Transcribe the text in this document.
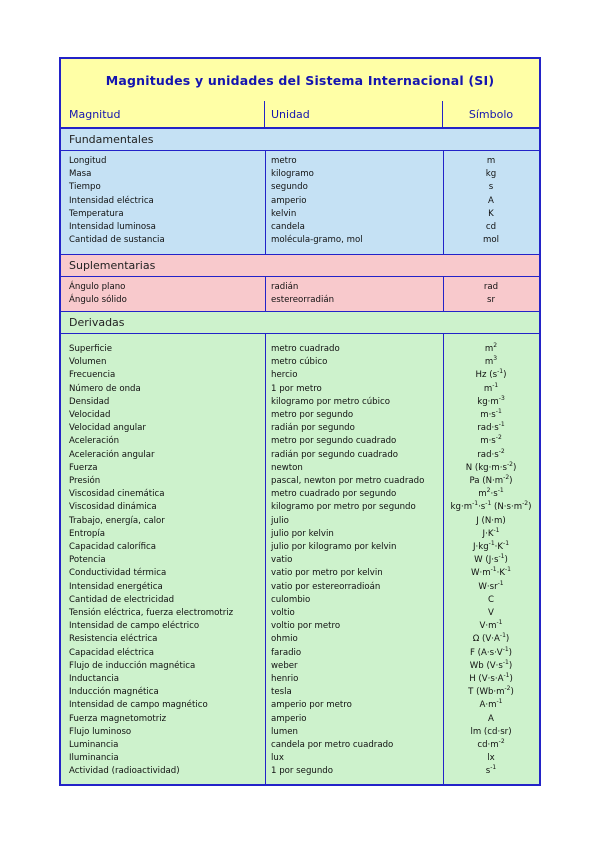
Magnitudes y unidades del Sistema Internacional (SI)
Magnitud	Unidad	Símbolo
Fundamentales
Longitud	metro	m
Masa	kilogramo	kg
Tiempo	segundo	s
Intensidad eléctrica	amperio	A
Temperatura	kelvin	K
Intensidad luminosa	candela	cd
Cantidad de sustancia	molécula-gramo, mol	mol
Suplementarias
Ángulo plano	radián	rad
Ángulo sólido	estereorradián	sr
Derivadas
Superficie	metro cuadrado	$m^2$
Volumen	metro cúbico	$m^3$
Frecuencia	hercio	Hz $(s^{-1})$
Número de onda	1 por metro	$m^{-1}$
Densidad	kilogramo por metro cúbico	$kg\cdot m^{-3}$
Velocidad	metro por segundo	$m\cdot s^{-1}$
Velocidad angular	radián por segundo	$rad\cdot s^{-1}$
Aceleración	metro por segundo cuadrado	$m\cdot s^{-2}$
Aceleración angular	radián por segundo cuadrado	$rad\cdot s^{-2}$
Fuerza	newton	N $(kg\cdot m\cdot s^{-2})$
Presión	pascal, newton por metro cuadrado	Pa $(N\cdot m^{-2})$
Viscosidad cinemática	metro cuadrado por segundo	$m^2\cdot s^{-1}$
Viscosidad dinámica	kilogramo por metro por segundo	$kg\cdot m^{-1}\cdot s^{-1}$ $(N\cdot s\cdot m^{-2})$
Trabajo, energía, calor	julio	J (N·m)
Entropía	julio por kelvin	$J\cdot K^{-1}$
Capacidad calorífica	julio por kilogramo por kelvin	$J\cdot kg^{-1}\cdot K^{-1}$
Potencia	vatio	W $(J\cdot s^{-1})$
Conductividad térmica	vatio por metro por kelvin	$W\cdot m^{-1}\cdot K^{-1}$
Intensidad energética	vatio por estereorradioán	$W\cdot sr^{-1}$
Cantidad de electricidad	culombio	C
Tensión eléctrica, fuerza electromotriz	voltio	V
Intensidad de campo eléctrico	voltio por metro	$V\cdot m^{-1}$
Resistencia eléctrica	ohmio	Ω $(V\cdot A^{-1})$
Capacidad eléctrica	faradio	F $(A\cdot s\cdot V^{-1})$
Flujo de inducción magnética	weber	Wb $(V\cdot s^{-1})$
Inductancia	henrio	H $(V\cdot s\cdot A^{-1})$
Inducción magnética	tesla	T $(Wb\cdot m^{-2})$
Intensidad de campo magnético	amperio por metro	$A\cdot m^{-1}$
Fuerza magnetomotriz	amperio	A
Flujo luminoso	lumen	lm (cd·sr)
Luminancia	candela por metro cuadrado	$cd\cdot m^{-2}$
Iluminancia	lux	lx
Actividad (radioactividad)	1 por segundo	$s^{-1}$
